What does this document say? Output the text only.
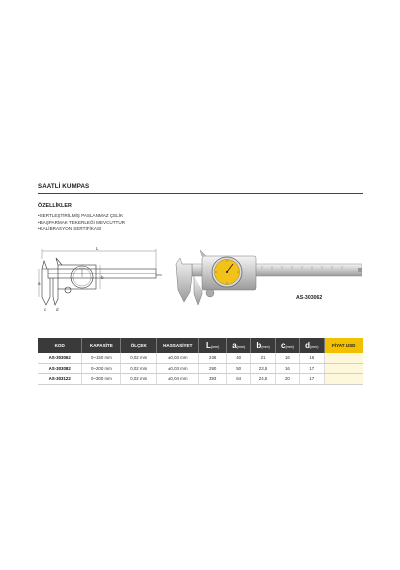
SAATLİ KUMPAS
ÖZELLİKLER
• SERTLEŞTİRİLMİŞ PASLANMAZ ÇELİK
• BAŞPARMAK TEKERLEĞİ MEVCUTTUR
• KALİBRASYON SERTİFİKASI
L
a
b
c d
AS-303062
KOD	KAPASİTE	ÖLÇEK	HASSASİYET	L(mm)	a(mm)	b(mm)	c(mm)	d(mm)	FİYAT USD
AS-303062	0~150 mm	0,02 mm	±0,03 mm	236	40	21	16	16	
AS-303082	0~200 mm	0,02 mm	±0,03 mm	290	50	23,5	16	17	
AS-303122	0~300 mm	0,02 mm	±0,04 mm	393	64	24,5	20	17	
